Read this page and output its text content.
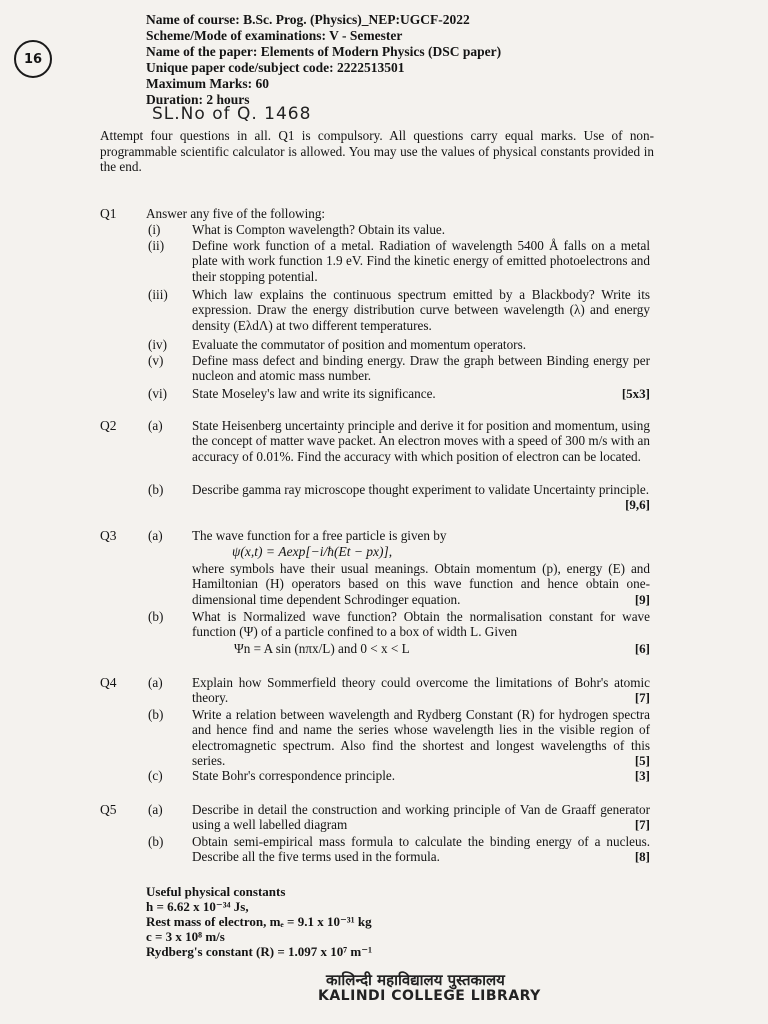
16
Name of course: B.Sc. Prog. (Physics)_NEP:UGCF-2022
Scheme/Mode of examinations: V - Semester
Name of the paper: Elements of Modern Physics (DSC paper)
Unique paper code/subject code: 2222513501
Maximum Marks: 60
Duration: 2 hours
SL.No of Q. 1468
Attempt four questions in all. Q1 is compulsory. All questions carry equal marks. Use of non-programmable scientific calculator is allowed. You may use the values of physical constants provided in the end.
Q1 Answer any five of the following:
(i) What is Compton wavelength? Obtain its value.
(ii) Define work function of a metal. Radiation of wavelength 5400 Å falls on a metal plate with work function 1.9 eV. Find the kinetic energy of emitted photoelectrons and their stopping potential.
(iii) Which law explains the continuous spectrum emitted by a Blackbody? Write its expression. Draw the energy distribution curve between wavelength (λ) and energy density (EλdΛ) at two different temperatures.
(iv) Evaluate the commutator of position and momentum operators.
(v) Define mass defect and binding energy. Draw the graph between Binding energy per nucleon and atomic mass number.
(vi) State Moseley's law and write its significance.	[5x3]
Q2 (a) State Heisenberg uncertainty principle and derive it for position and momentum, using the concept of matter wave packet. An electron moves with a speed of 300 m/s with an accuracy of 0.01%. Find the accuracy with which position of electron can be located.
(b) Describe gamma ray microscope thought experiment to validate Uncertainty principle.
[9,6]
Q3 (a) The wave function for a free particle is given by
ψ(x,t) = Aexp[−i/ħ(Et − px)],
where symbols have their usual meanings. Obtain momentum (p), energy (E) and Hamiltonian (H) operators based on this wave function and hence obtain one- dimensional time dependent Schrodinger equation.	[9]
(b) What is Normalized wave function? Obtain the normalisation constant for wave function (Ψ) of a particle confined to a box of width L. Given
Ψn = A sin (nπx/L) and 0 < x < L	[6]
Q4 (a) Explain how Sommerfield theory could overcome the limitations of Bohr's atomic theory.	[7]
(b) Write a relation between wavelength and Rydberg Constant (R) for hydrogen spectra and hence find and name the series whose wavelength lies in the visible region of electromagnetic spectrum. Also find the shortest and longest wavelengths of this series.	[5]
(c) State Bohr's correspondence principle.	[3]
Q5 (a) Describe in detail the construction and working principle of Van de Graaff generator using a well labelled diagram	[7]
(b) Obtain semi-empirical mass formula to calculate the binding energy of a nucleus. Describe all the five terms used in the formula.	[8]
Useful physical constants
h = 6.62 x 10⁻³⁴ Js,
Rest mass of electron, mₑ = 9.1 x 10⁻³¹ kg
c = 3 x 10⁸ m/s
Rydberg's constant (R) = 1.097 x 10⁷ m⁻¹
कालिन्दी महाविद्यालय पुस्तकालय
KALINDI COLLEGE LIBRARY
